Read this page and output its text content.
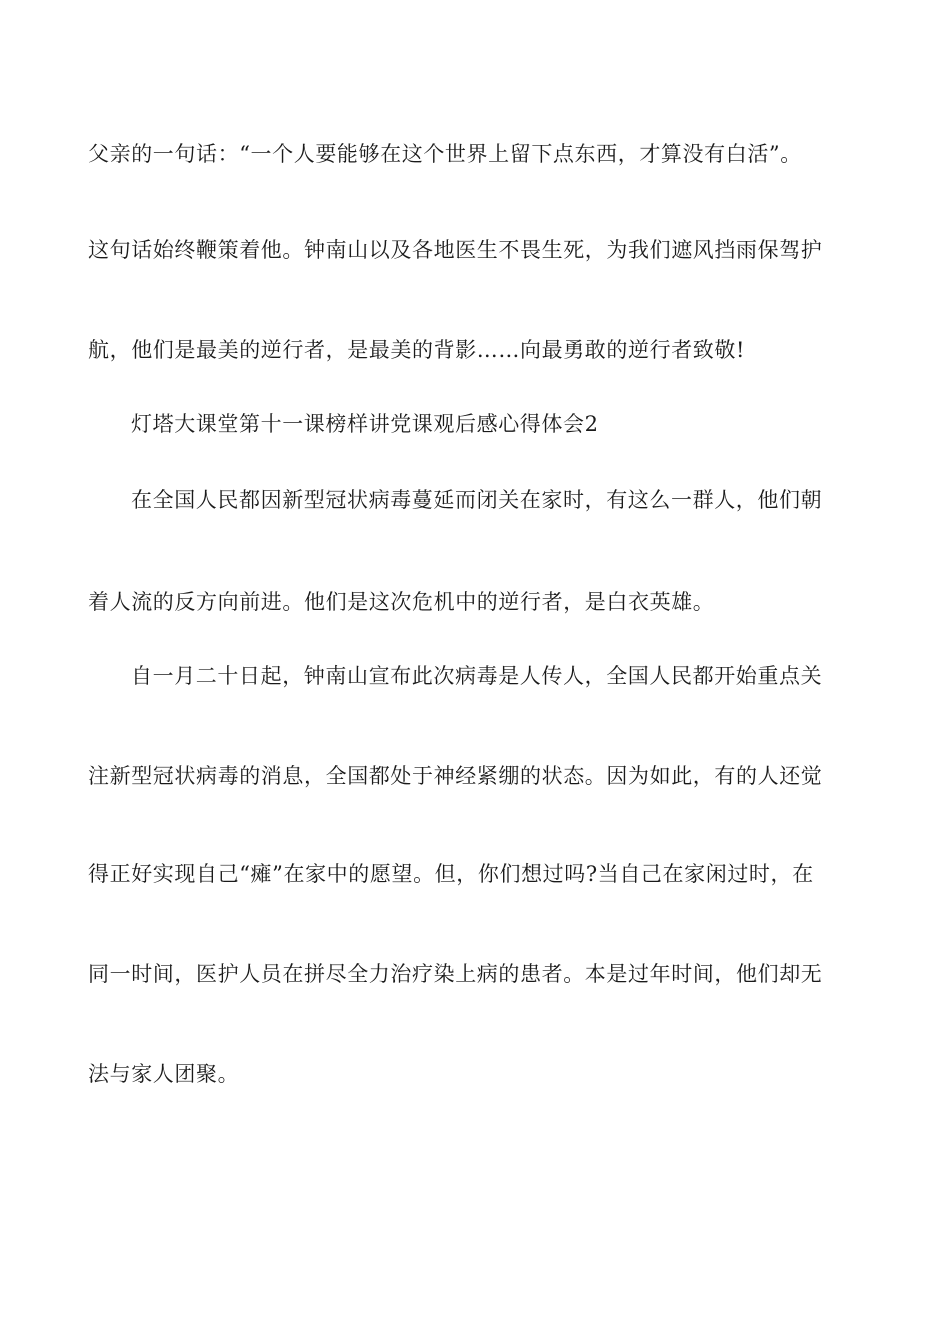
父亲的一句话：“一个人要能够在这个世界上留下点东西，才算没有白活”。
这句话始终鞭策着他。钟南山以及各地医生不畏生死，为我们遮风挡雨保驾护
航，他们是最美的逆行者，是最美的背影……向最勇敢的逆行者致敬!
灯塔大课堂第十一课榜样讲党课观后感心得体会2
在全国人民都因新型冠状病毒蔓延而闭关在家时，有这么一群人，他们朝
着人流的反方向前进。他们是这次危机中的逆行者，是白衣英雄。
自一月二十日起，钟南山宣布此次病毒是人传人，全国人民都开始重点关
注新型冠状病毒的消息，全国都处于神经紧绷的状态。因为如此，有的人还觉
得正好实现自己“瘫”在家中的愿望。但，你们想过吗?当自己在家闲过时，在
同一时间，医护人员在拼尽全力治疗染上病的患者。本是过年时间，他们却无
法与家人团聚。
